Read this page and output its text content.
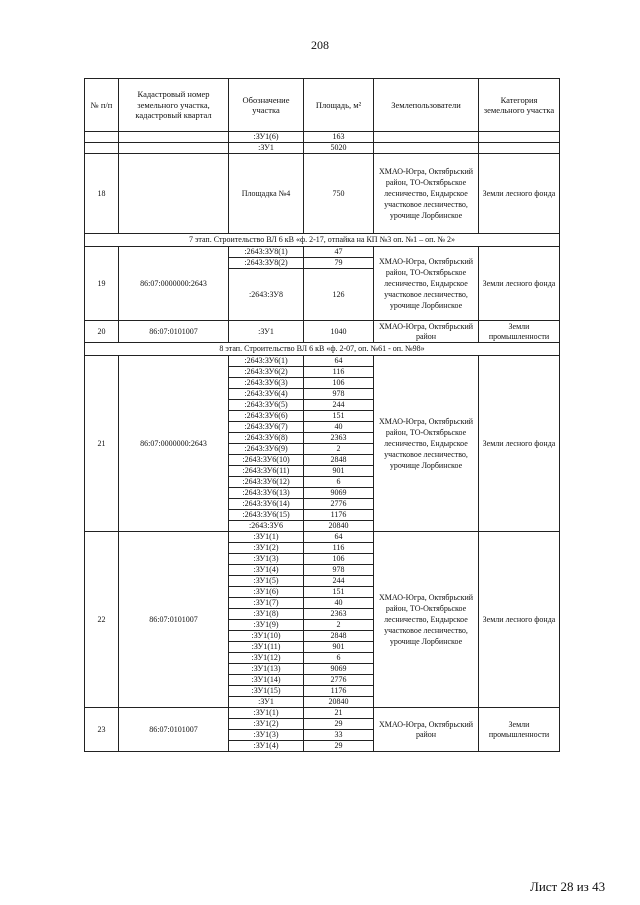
208
№ п/п	Кадастровый номер земельного участка, кадастровый квартал	Обозначение участка	Площадь, м²	Землепользователи	Категория земельного участка
		:ЗУ1(6)	163		
		:ЗУ1	5020		
18		Площадка №4	750	ХМАО-Югра, Октябрьский район, ТО-Октябрьское лесничество, Ендырское участковое лесничество, урочище Лорбинское	Земли лесного фонда
7 этап. Строительство ВЛ 6 кВ «ф. 2-17, отпайка на КП №3 оп. №1 – оп. № 2»					
19	86:07:0000000:2643	:2643:ЗУ8(1)	47	ХМАО-Югра, Октябрьский район, ТО-Октябрьское лесничество, Ендырское участковое лесничество, урочище Лорбинское	Земли лесного фонда
		:2643:ЗУ8(2)	79		
		:2643:ЗУ8	126		
20	86:07:0101007	:ЗУ1	1040	ХМАО-Югра, Октябрьский район	Земли промышленности
8 этап. Строительство ВЛ 6 кВ «ф. 2-07, оп. №61 - оп. №98»					
21	86:07:0000000:2643	:2643:ЗУ6(1)	64	ХМАО-Югра, Октябрьский район, ТО-Октябрьское лесничество, Ендырское участковое лесничество, урочище Лорбинское	Земли лесного фонда
		:2643:ЗУ6(2)	116		
		:2643:ЗУ6(3)	106		
		:2643:ЗУ6(4)	978		
		:2643:ЗУ6(5)	244		
		:2643:ЗУ6(6)	151		
		:2643:ЗУ6(7)	40		
		:2643:ЗУ6(8)	2363		
		:2643:ЗУ6(9)	2		
		:2643:ЗУ6(10)	2848		
		:2643:ЗУ6(11)	901		
		:2643:ЗУ6(12)	6		
		:2643:ЗУ6(13)	9069		
		:2643:ЗУ6(14)	2776		
		:2643:ЗУ6(15)	1176		
		:2643:ЗУ6	20840		
22	86:07:0101007	:ЗУ1(1)	64	ХМАО-Югра, Октябрьский район, ТО-Октябрьское лесничество, Ендырское участковое лесничество, урочище Лорбинское	Земли лесного фонда
		:ЗУ1(2)	116		
		:ЗУ1(3)	106		
		:ЗУ1(4)	978		
		:ЗУ1(5)	244		
		:ЗУ1(6)	151		
		:ЗУ1(7)	40		
		:ЗУ1(8)	2363		
		:ЗУ1(9)	2		
		:ЗУ1(10)	2848		
		:ЗУ1(11)	901		
		:ЗУ1(12)	6		
		:ЗУ1(13)	9069		
		:ЗУ1(14)	2776		
		:ЗУ1(15)	1176		
		:ЗУ1	20840		
23	86:07:0101007	:ЗУ1(1)	21	ХМАО-Югра, Октябрьский район	Земли промышленности
		:ЗУ1(2)	29		
		:ЗУ1(3)	33		
		:ЗУ1(4)	29		
Лист 28 из 43
